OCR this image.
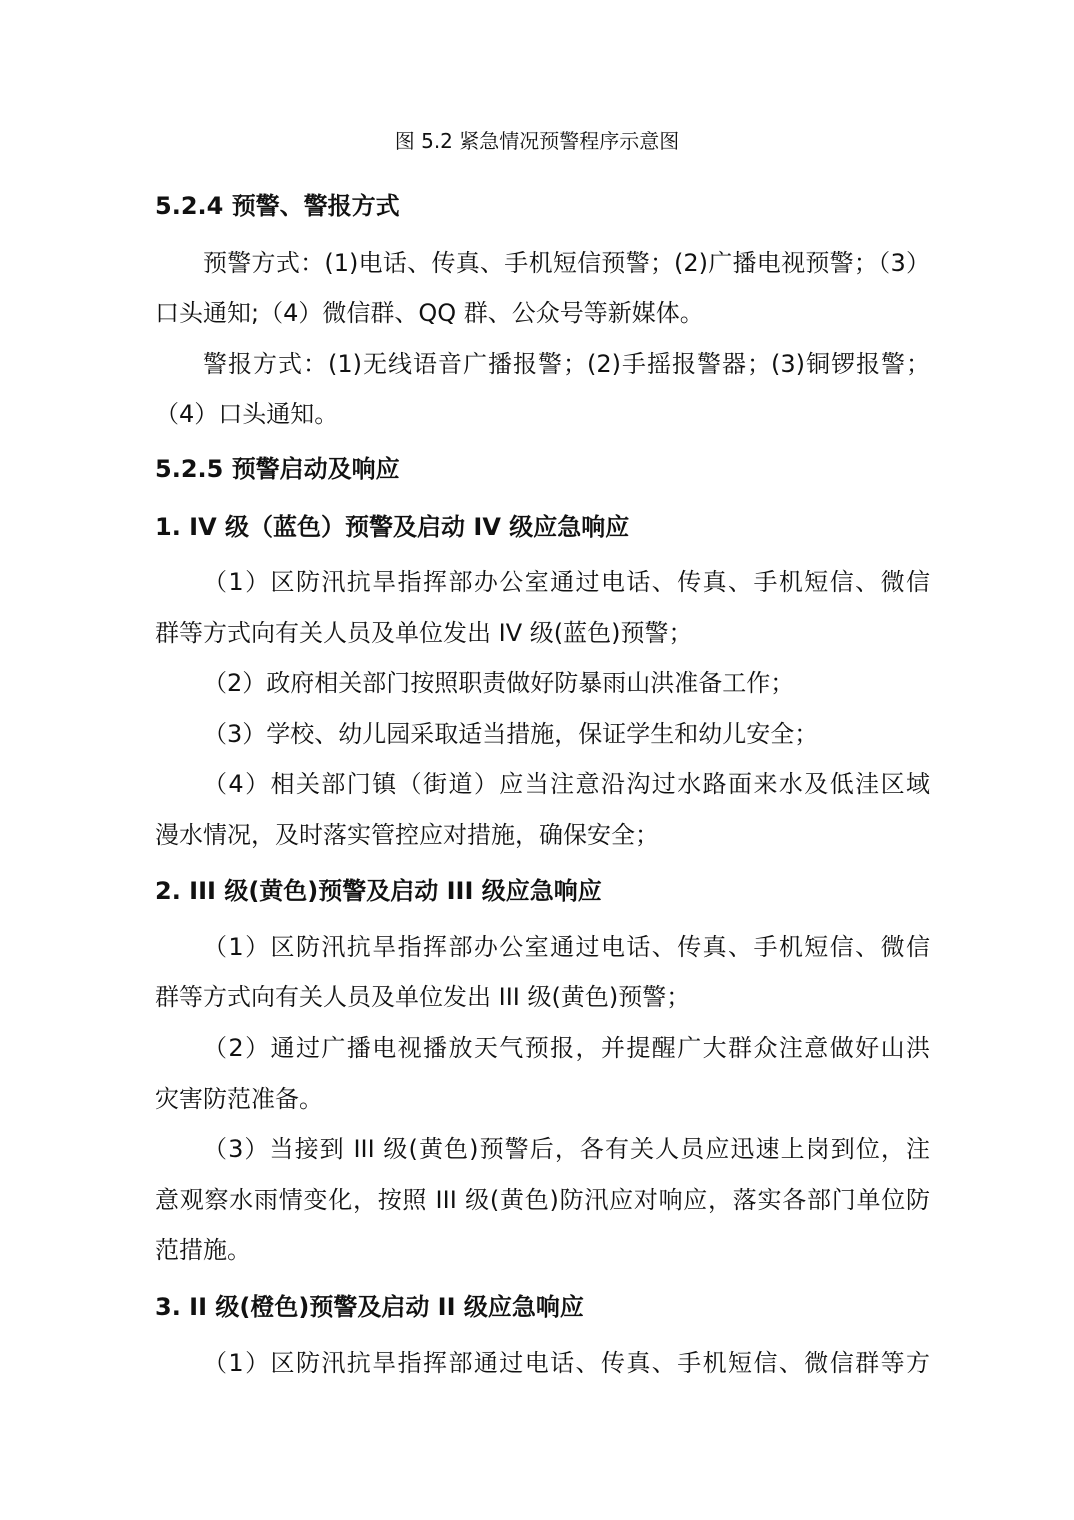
图 5.2 紧急情况预警程序示意图
5.2.4 预警、警报方式
预警方式：(1)电话、传真、手机短信预警；(2)广播电视预警；（3）
口头通知;（4）微信群、QQ 群、公众号等新媒体。
警报方式：(1)无线语音广播报警；(2)手摇报警器；(3)铜锣报警；
（4）口头通知。
5.2.5 预警启动及响应
1. IV 级（蓝色）预警及启动 IV 级应急响应
（1）区防汛抗旱指挥部办公室通过电话、传真、手机短信、微信
群等方式向有关人员及单位发出 IV 级(蓝色)预警；
（2）政府相关部门按照职责做好防暴雨山洪准备工作；
（3）学校、幼儿园采取适当措施，保证学生和幼儿安全；
（4）相关部门镇（街道）应当注意沿沟过水路面来水及低洼区域
漫水情况，及时落实管控应对措施，确保安全；
2. III 级(黄色)预警及启动 III 级应急响应
（1）区防汛抗旱指挥部办公室通过电话、传真、手机短信、微信
群等方式向有关人员及单位发出 III 级(黄色)预警；
（2）通过广播电视播放天气预报，并提醒广大群众注意做好山洪
灾害防范准备。
（3）当接到 III 级(黄色)预警后，各有关人员应迅速上岗到位，注
意观察水雨情变化，按照 III 级(黄色)防汛应对响应，落实各部门单位防
范措施。
3. II 级(橙色)预警及启动 II 级应急响应
（1）区防汛抗旱指挥部通过电话、传真、手机短信、微信群等方
